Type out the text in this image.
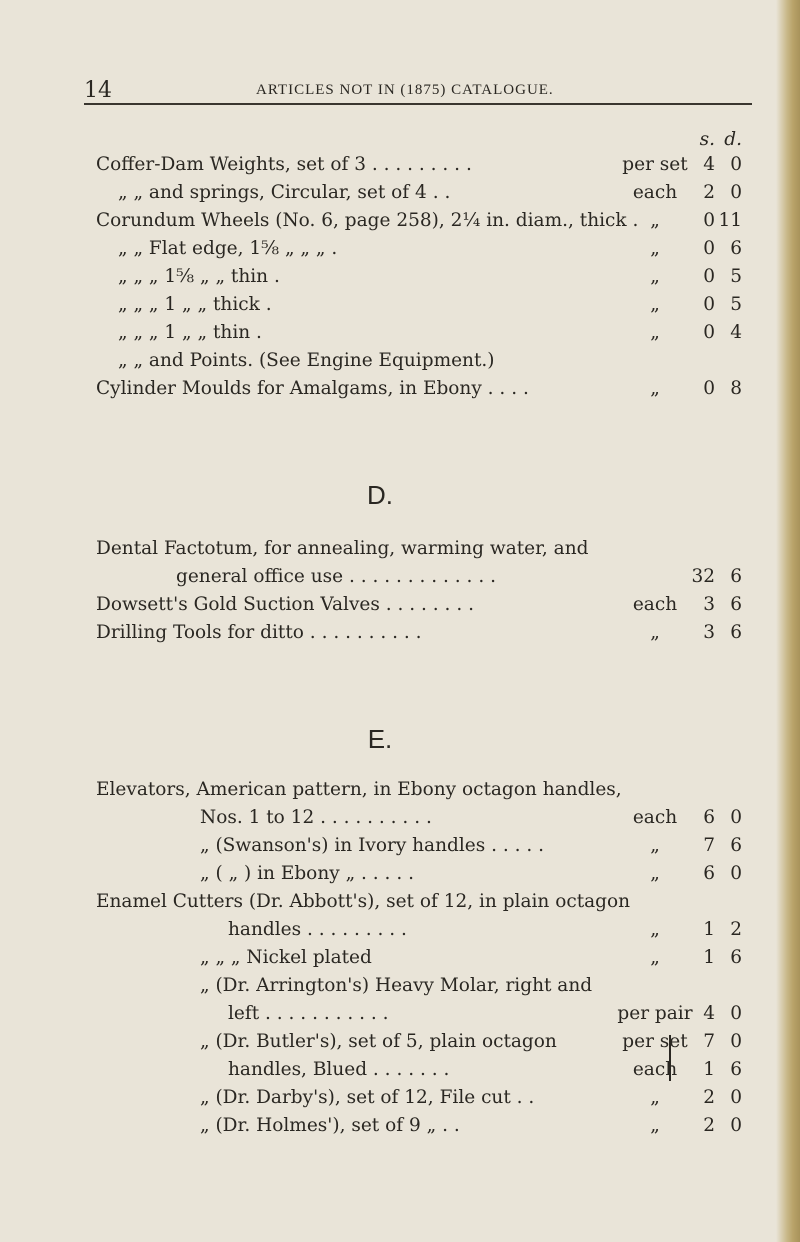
14	ARTICLES NOT IN (1875) CATALOGUE.
s. d.
Coffer-Dam Weights, set of 3 . . . . . . . . .	per set 4 0
„ „ and springs, Circular, set of 4 . .	each	2 0
Corundum Wheels (No. 6, page 258), 2¼ in. diam., thick . „	0 11
„ „ Flat edge, 1⅝ „ „ „ .	„	0 6
„ „ „ 1⅝ „ „ thin .	„	0 5
„ „ „ 1 „ „ thick .	„	0 5
„ „ „ 1 „ „ thin .	„	0 4
„ „ and Points. (See Engine Equipment.)
Cylinder Moulds for Amalgams, in Ebony . . . .	„	0 8
D.
Dental Factotum, for annealing, warming water, and
general office use . . . . . . . . . . . . .	32 6
Dowsett's Gold Suction Valves . . . . . . . .	each	3 6
Drilling Tools for ditto . . . . . . . . . .	„	3 6
E.
Elevators, American pattern, in Ebony octagon handles,
Nos. 1 to 12 . . . . . . . . . .	each	6 0
„ (Swanson's) in Ivory handles . . . . .	„	7 6
„ ( „ ) in Ebony „ . . . . .	„	6 0
Enamel Cutters (Dr. Abbott's), set of 12, in plain octagon
handles . . . . . . . . .	„	1 2
„ „ „ Nickel plated	„	1 6
„ (Dr. Arrington's) Heavy Molar, right and
left . . . . . . . . . . .	per pair 4 0
„ (Dr. Butler's), set of 5, plain octagon	per set 7 0
handles, Blued . . . . . . .	each	1 6
„ (Dr. Darby's), set of 12, File cut . .	„	2 0
„ (Dr. Holmes'), set of 9 „ . .	„	2 0
